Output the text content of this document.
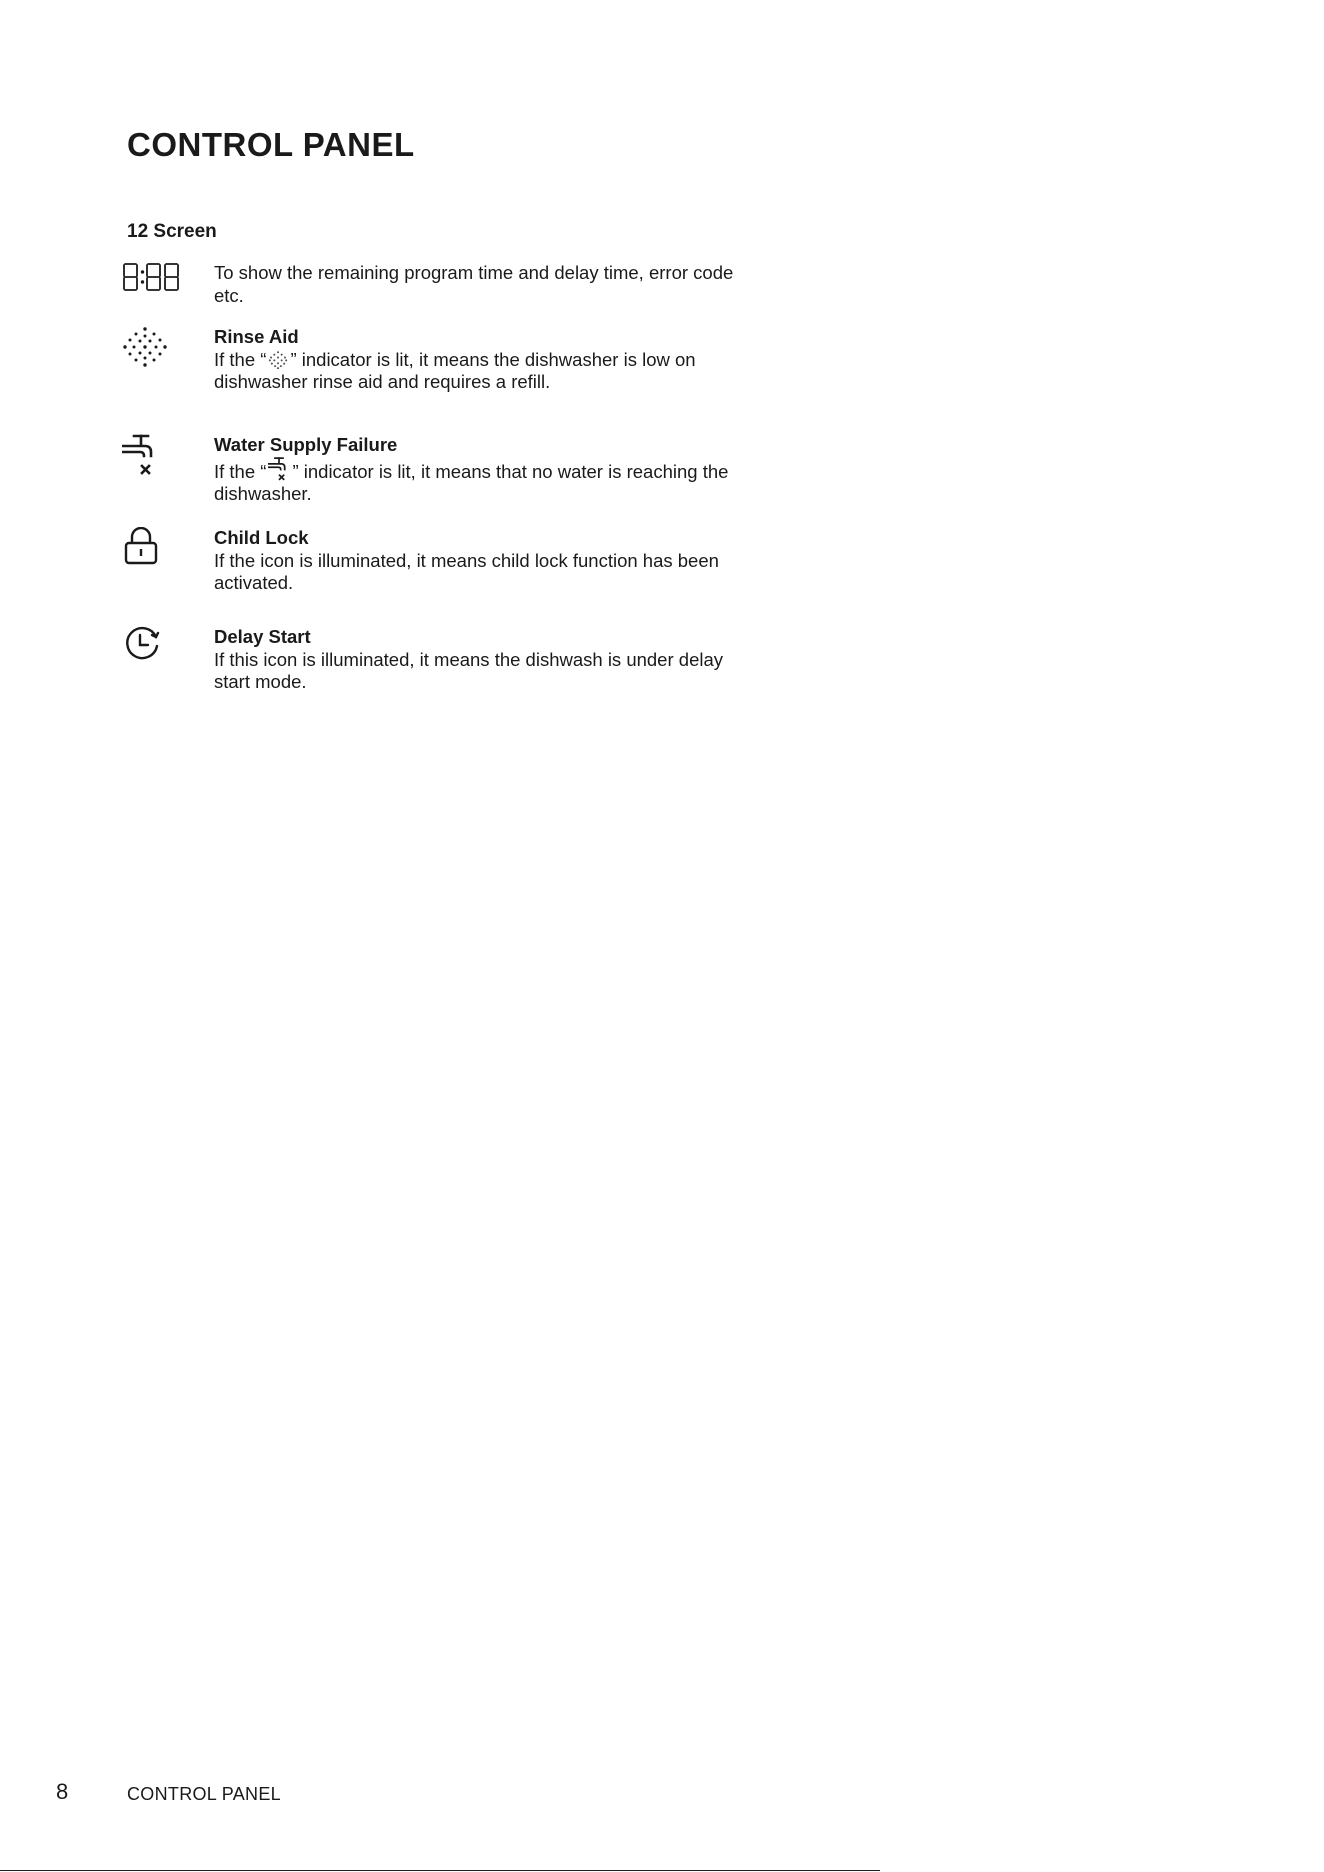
CONTROL PANEL
12 Screen
To show the remaining program time and delay time, error code etc.
Rinse Aid
If the “ ” indicator is lit, it means the dishwasher is low on dishwasher rinse aid and requires a refill.
Water Supply Failure
If the “ ” indicator is lit, it means that no water is reaching the dishwasher.
Child Lock
If the icon is illuminated, it means child lock function has been activated.
Delay Start
If this icon is illuminated, it means the dishwash is under delay start mode.
8	CONTROL PANEL
